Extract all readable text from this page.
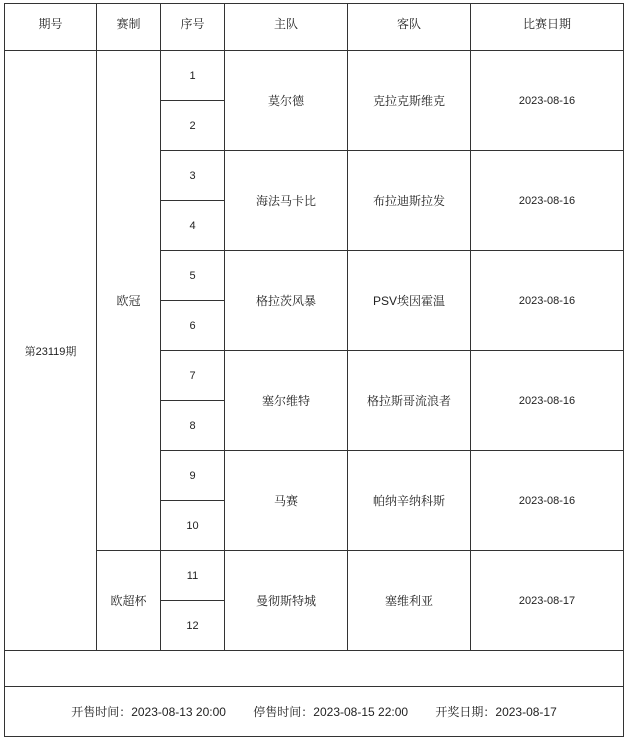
期号	赛制	序号	主队	客队	比赛日期
第23119期	欧冠	1	莫尔德	克拉克斯维克	2023-08-16
		2			
		3	海法马卡比	布拉迪斯拉发	2023-08-16
		4			
		5	格拉茨风暴	PSV埃因霍温	2023-08-16
		6			
		7	塞尔维特	格拉斯哥流浪者	2023-08-16
		8			
		9	马赛	帕纳辛纳科斯	2023-08-16
		10			
	欧超杯	11	曼彻斯特城	塞维利亚	2023-08-17
		12			

开售时间：2023-08-13 20:00 停售时间：2023-08-15 22:00 开奖日期：2023-08-17					
